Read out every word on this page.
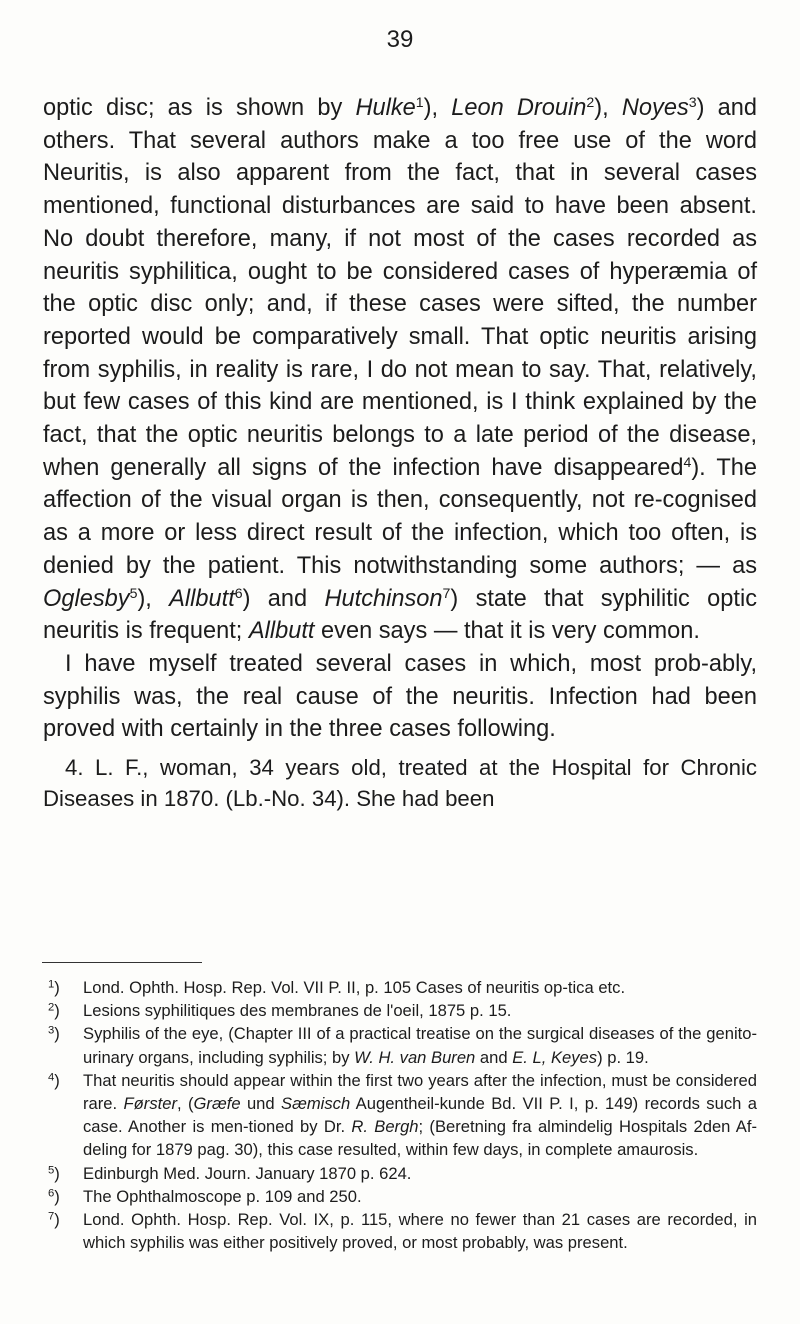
39

optic disc; as is shown by Hulke$^1$), Leon Drouin$^2$), Noyes$^3$) and others. That several authors make a too free use of the word Neuritis, is also apparent from the fact, that in several cases mentioned, functional disturbances are said to have been absent. No doubt therefore, many, if not most of the cases recorded as neuritis syphilitica, ought to be considered cases of hyperæmia of the optic disc only; and, if these cases were sifted, the number reported would be comparatively small. That optic neuritis arising from syphilis, in reality is rare, I do not mean to say. That, relatively, but few cases of this kind are mentioned, is I think explained by the fact, that the optic neuritis belongs to a late period of the disease, when generally all signs of the infection have disappeared$^4$). The affection of the visual organ is then, consequently, not re-cognised as a more or less direct result of the infection, which too often, is denied by the patient. This notwithstanding some authors; — as Oglesby$^5$), Allbutt$^6$) and Hutchinson$^7$) state that syphilitic optic neuritis is frequent; Allbutt even says — that it is very common.

I have myself treated several cases in which, most prob-ably, syphilis was, the real cause of the neuritis. Infection had been proved with certainly in the three cases following.

4. L. F., woman, 34 years old, treated at the Hospital for Chronic Diseases in 1870. (Lb.-No. 34). She had been

$^1$) Lond. Ophth. Hosp. Rep. Vol. VII P. II, p. 105 Cases of neuritis op-tica etc.

$^2$) Lesions syphilitiques des membranes de l'oeil, 1875 p. 15.

$^3$) Syphilis of the eye, (Chapter III of a practical treatise on the surgical diseases of the genito-urinary organs, including syphilis; by W. H. van Buren and E. L, Keyes) p. 19.

$^4$) That neuritis should appear within the first two years after the infection, must be considered rare. Førster, (Græfe und Sæmisch Augentheil-kunde Bd. VII P. I, p. 149) records such a case. Another is men-tioned by Dr. R. Bergh; (Beretning fra almindelig Hospitals 2den Af-deling for 1879 pag. 30), this case resulted, within few days, in complete amaurosis.

$^5$) Edinburgh Med. Journ. January 1870 p. 624.

$^6$) The Ophthalmoscope p. 109 and 250.

$^7$) Lond. Ophth. Hosp. Rep. Vol. IX, p. 115, where no fewer than 21 cases are recorded, in which syphilis was either positively proved, or most probably, was present.
